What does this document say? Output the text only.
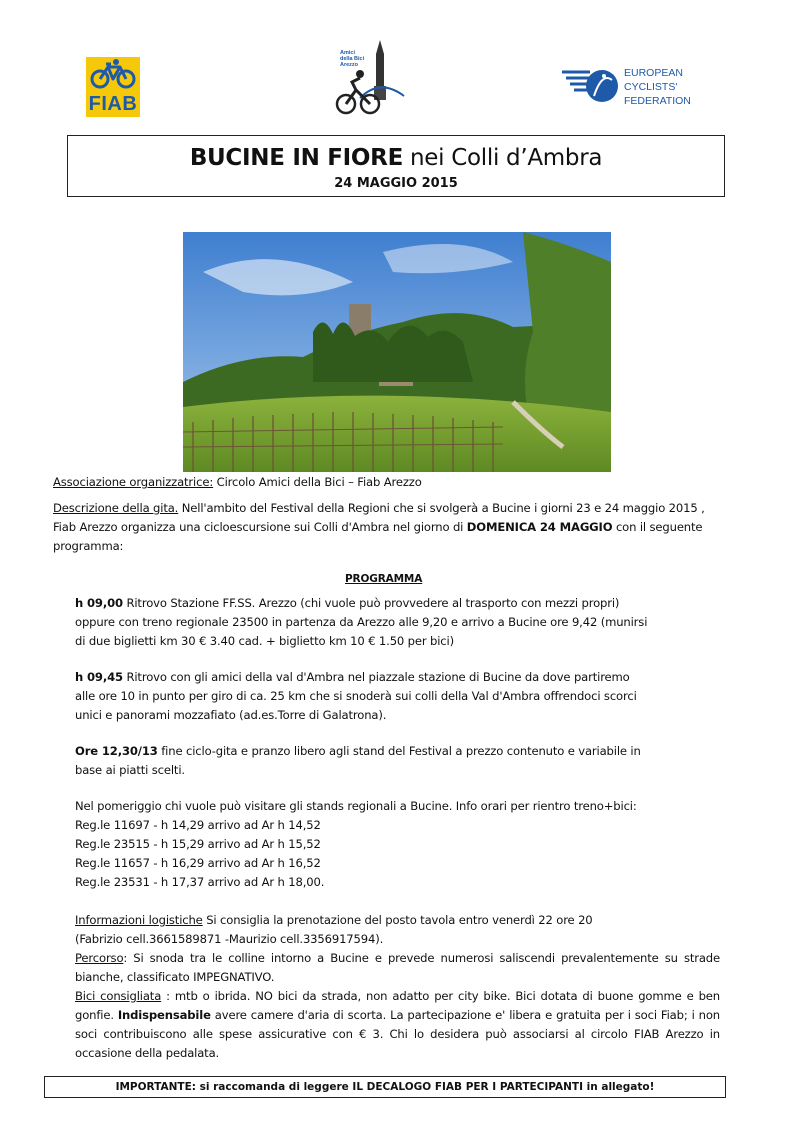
FIAB
Amici
della Bici
Arezzo
EUROPEAN
CYCLISTS'
FEDERATION
BUCINE IN FIORE nei Colli d’Ambra
24 MAGGIO 2015
Associazione organizzatrice: Circolo Amici della Bici – Fiab Arezzo
Descrizione della gita. Nell'ambito del Festival della Regioni che si svolgerà a Bucine i giorni 23 e 24 maggio 2015 , Fiab Arezzo organizza una cicloescursione sui Colli d'Ambra nel giorno di DOMENICA 24 MAGGIO con il seguente programma:
PROGRAMMA
h 09,00 Ritrovo Stazione FF.SS. Arezzo (chi vuole può provvedere al trasporto con mezzi propri)
oppure con treno regionale 23500 in partenza da Arezzo alle 9,20 e arrivo a Bucine ore 9,42 (munirsi
di due biglietti km 30 € 3.40 cad. + biglietto km 10 € 1.50 per bici)
h 09,45 Ritrovo con gli amici della val d'Ambra nel piazzale stazione di Bucine da dove partiremo
alle ore 10 in punto per giro di ca. 25 km che si snoderà sui colli della Val d'Ambra offrendoci scorci
unici e panorami mozzafiato (ad.es.Torre di Galatrona).
Ore 12,30/13 fine ciclo-gita e pranzo libero agli stand del Festival a prezzo contenuto e variabile in
base ai piatti scelti.
Nel pomeriggio chi vuole può visitare gli stands regionali a Bucine. Info orari per rientro treno+bici:
Reg.le 11697 - h 14,29 arrivo ad Ar h 14,52
Reg.le 23515 - h 15,29 arrivo ad Ar h 15,52
Reg.le 11657 - h 16,29 arrivo ad Ar h 16,52
Reg.le 23531 - h 17,37 arrivo ad Ar h 18,00.
Informazioni logistiche Si consiglia la prenotazione del posto tavola entro venerdì 22 ore 20
(Fabrizio cell.3661589871 -Maurizio cell.3356917594).
Percorso: Si snoda tra le colline intorno a Bucine e prevede numerosi saliscendi prevalentemente su strade bianche, classificato IMPEGNATIVO.
Bici consigliata : mtb o ibrida. NO bici da strada, non adatto per city bike. Bici dotata di buone gomme e ben gonfie. Indispensabile avere camere d'aria di scorta. La partecipazione e' libera e gratuita per i soci Fiab; i non soci contribuiscono alle spese assicurative con € 3. Chi lo desidera può associarsi al circolo FIAB Arezzo in occasione della pedalata.
IMPORTANTE: si raccomanda di leggere IL DECALOGO FIAB PER I PARTECIPANTI in allegato!
